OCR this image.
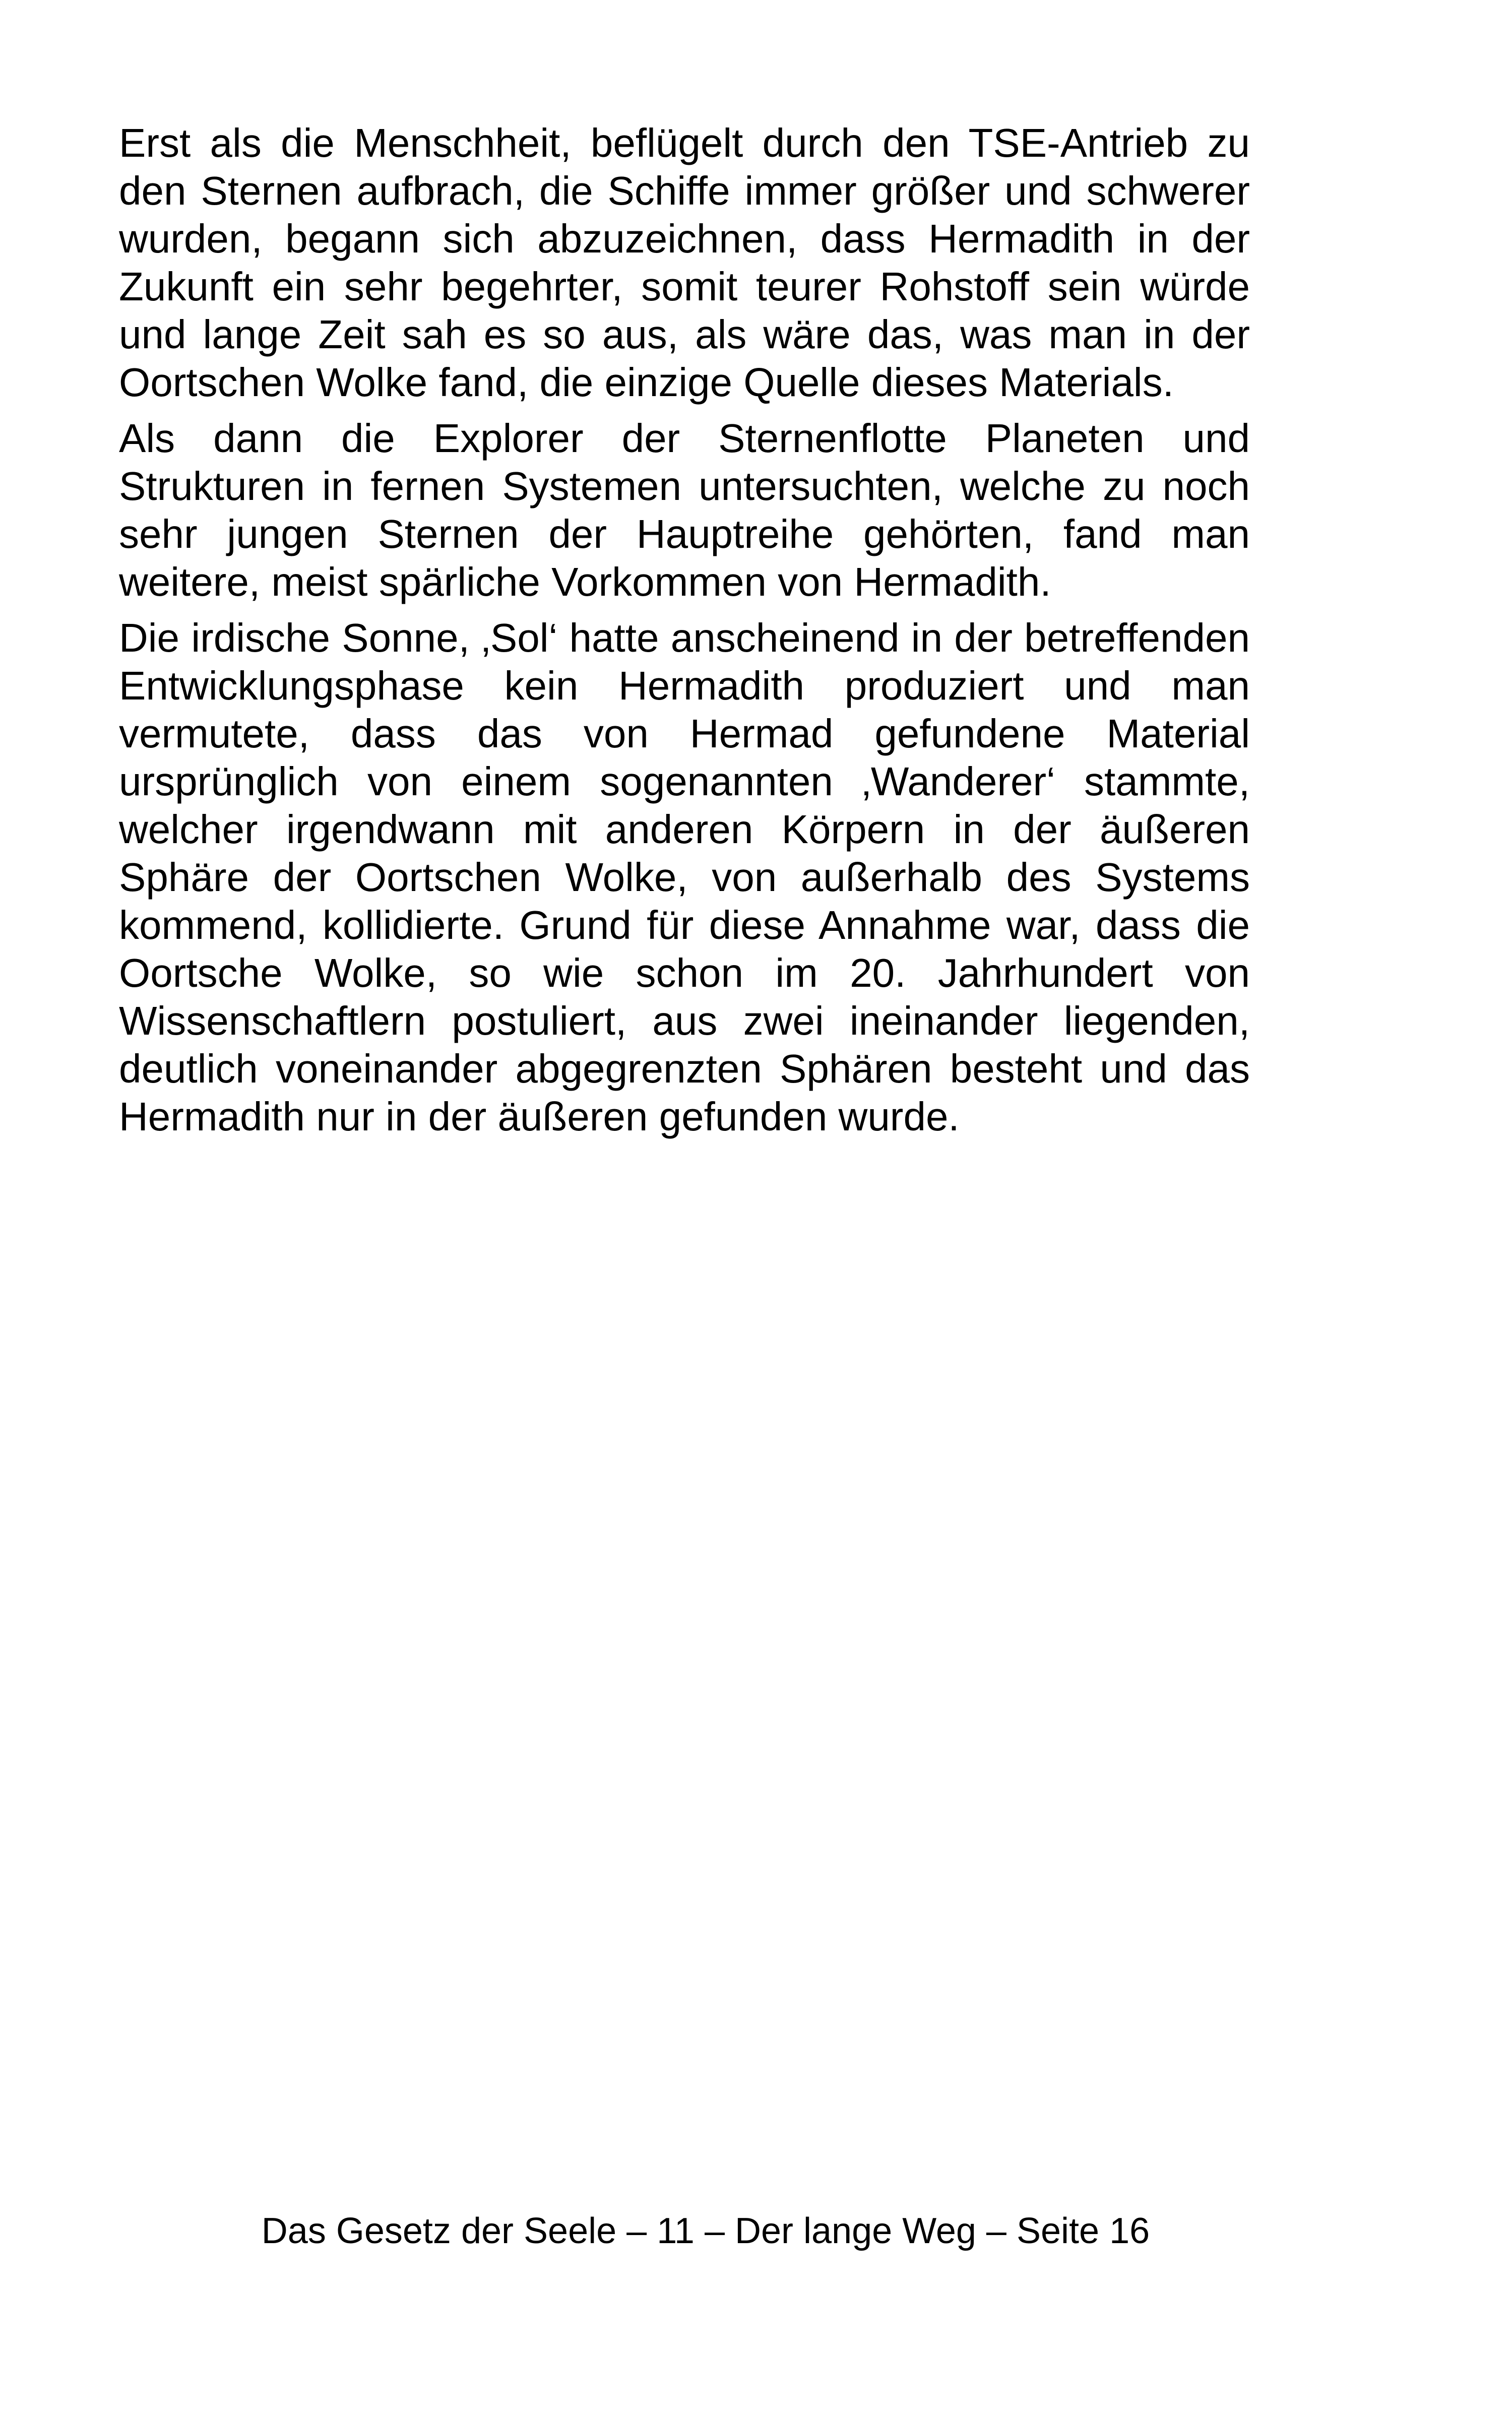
Erst als die Menschheit, beflügelt durch den TSE-Antrieb zu den Sternen aufbrach, die Schiffe immer größer und schwerer wurden, begann sich abzuzeichnen, dass Hermadith in der Zukunft ein sehr begehrter, somit teurer Rohstoff sein würde und lange Zeit sah es so aus, als wäre das, was man in der Oortschen Wolke fand, die einzige Quelle dieses Materials.

Als dann die Explorer der Sternenflotte Planeten und Strukturen in fernen Systemen untersuchten, welche zu noch sehr jungen Sternen der Hauptreihe gehörten, fand man weitere, meist spärliche Vorkommen von Hermadith.

Die irdische Sonne, ‚Sol‘ hatte anscheinend in der betreffenden Entwicklungsphase kein Hermadith produziert und man vermutete, dass das von Hermad gefundene Material ursprünglich von einem sogenannten ‚Wanderer‘ stammte, welcher irgendwann mit anderen Körpern in der äußeren Sphäre der Oortschen Wolke, von außerhalb des Systems kommend, kollidierte. Grund für diese Annahme war, dass die Oortsche Wolke, so wie schon im 20. Jahrhundert von Wissenschaftlern postuliert, aus zwei ineinander liegenden, deutlich voneinander abgegrenzten Sphären besteht und das Hermadith nur in der äußeren gefunden wurde.

Das Gesetz der Seele – 11 – Der lange Weg – Seite 16
